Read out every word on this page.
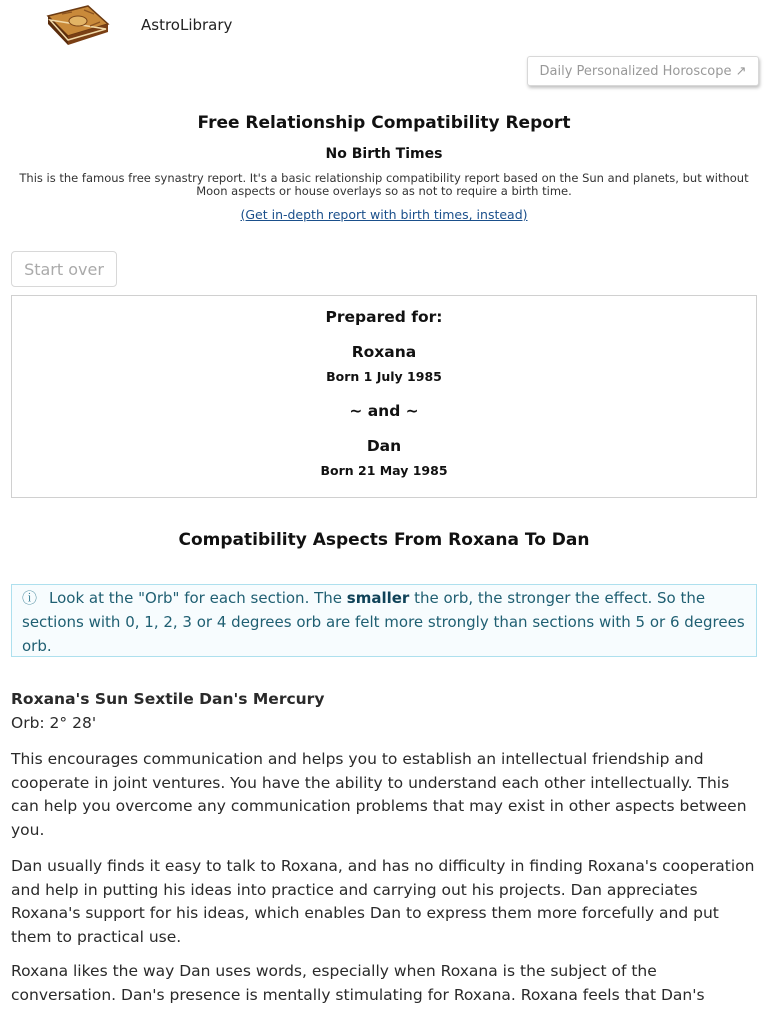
AstroLibrary
Daily Personalized Horoscope ↗
Free Relationship Compatibility Report
No Birth Times
This is the famous free synastry report. It's a basic relationship compatibility report based on the Sun and planets, but without Moon aspects or house overlays so as not to require a birth time.
(Get in-depth report with birth times, instead)
Start over
Prepared for:
Roxana
Born 1 July 1985
~ and ~
Dan
Born 21 May 1985
Compatibility Aspects From Roxana To Dan
ⓘ Look at the "Orb" for each section. The smaller the orb, the stronger the effect. So the sections with 0, 1, 2, 3 or 4 degrees orb are felt more strongly than sections with 5 or 6 degrees orb.
Roxana's Sun Sextile Dan's Mercury
Orb: 2° 28'
This encourages communication and helps you to establish an intellectual friendship and cooperate in joint ventures. You have the ability to understand each other intellectually. This can help you overcome any communication problems that may exist in other aspects between you.
Dan usually finds it easy to talk to Roxana, and has no difficulty in finding Roxana's cooperation and help in putting his ideas into practice and carrying out his projects. Dan appreciates Roxana's support for his ideas, which enables Dan to express them more forcefully and put them to practical use.
Roxana likes the way Dan uses words, especially when Roxana is the subject of the conversation. Dan's presence is mentally stimulating for Roxana. Roxana feels that Dan's
